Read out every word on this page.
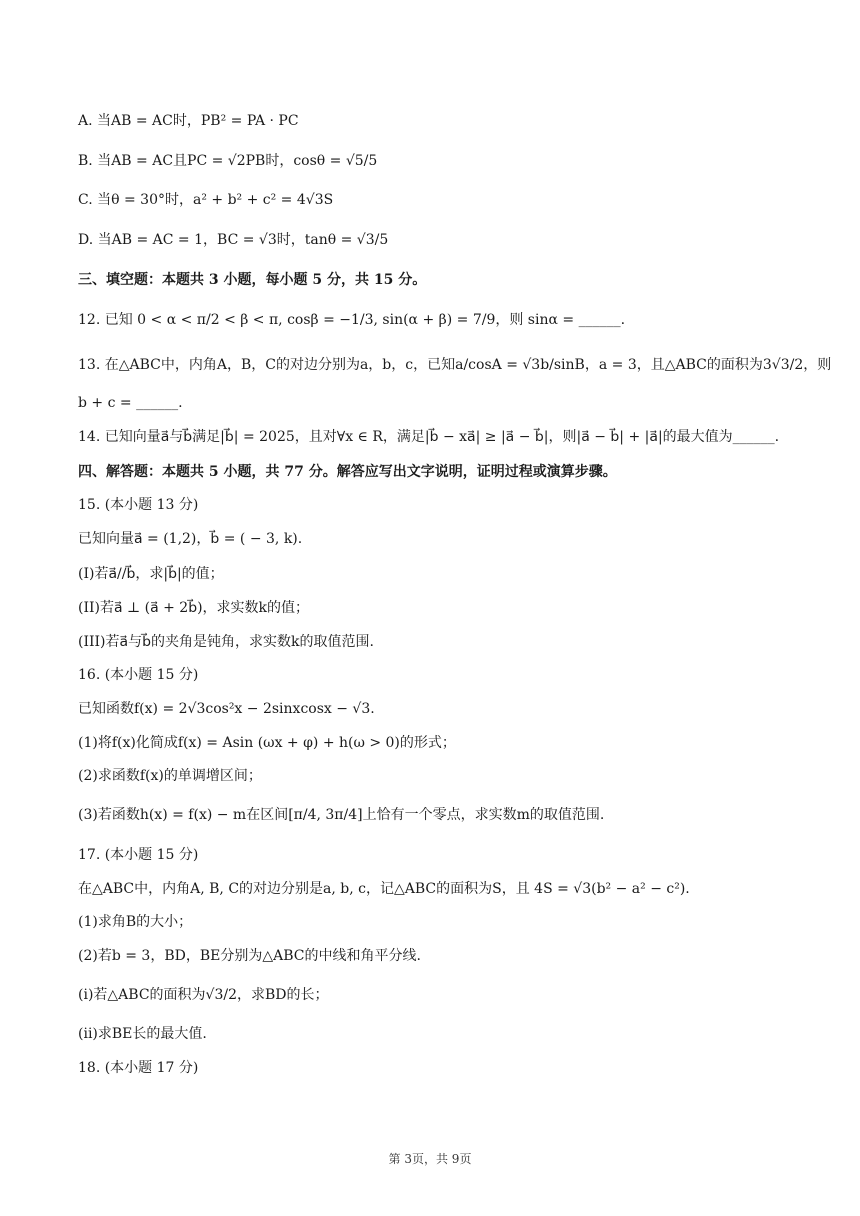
A. 当AB = AC时，PB² = PA · PC
B. 当AB = AC且PC = √2PB时，cosθ = √5/5
C. 当θ = 30°时，a² + b² + c² = 4√3S
D. 当AB = AC = 1，BC = √3时，tanθ = √3/5
三、填空题：本题共 3 小题，每小题 5 分，共 15 分。
12. 已知 0 < α < π/2 < β < π, cosβ = −1/3, sin(α + β) = 7/9，则 sinα = ______.
13. 在△ABC中，内角A，B，C的对边分别为a，b，c，已知a/cosA = √3b/sinB，a = 3，且△ABC的面积为3√3/2，则
b + c = ______.
14. 已知向量a⃗与b⃗满足|b⃗| = 2025，且对∀x ∈ R，满足|b⃗ − xa⃗| ≥ |a⃗ − b⃗|，则|a⃗ − b⃗| + |a⃗|的最大值为______.
四、解答题：本题共 5 小题，共 77 分。解答应写出文字说明，证明过程或演算步骤。
15. (本小题 13 分)
已知向量a⃗ = (1,2)，b⃗ = ( − 3, k).
(I)若a⃗//b⃗，求|b⃗|的值；
(II)若a⃗ ⊥ (a⃗ + 2b⃗)，求实数k的值；
(III)若a⃗与b⃗的夹角是钝角，求实数k的取值范围.
16. (本小题 15 分)
已知函数f(x) = 2√3cos²x − 2sinxcosx − √3.
(1)将f(x)化简成f(x) = Asin (ωx + φ) + h(ω > 0)的形式；
(2)求函数f(x)的单调增区间；
(3)若函数h(x) = f(x) − m在区间[π/4, 3π/4]上恰有一个零点，求实数m的取值范围.
17. (本小题 15 分)
在△ABC中，内角A, B, C的对边分别是a, b, c，记△ABC的面积为S，且 4S = √3(b² − a² − c²).
(1)求角B的大小；
(2)若b = 3，BD，BE分别为△ABC的中线和角平分线.
(i)若△ABC的面积为√3/2，求BD的长；
(ii)求BE长的最大值.
18. (本小题 17 分)
第 3页，共 9页
